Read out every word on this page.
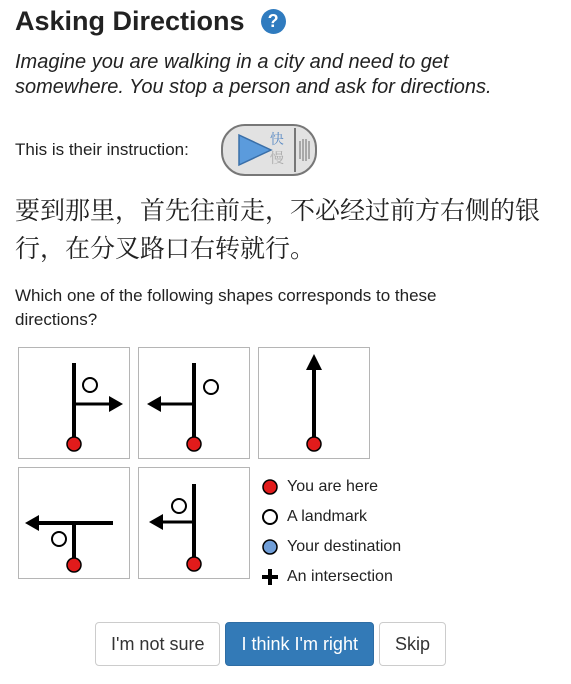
Asking Directions	?
Imagine you are walking in a city and need to get somewhere. You stop a person and ask for directions.
This is their instruction:
快
慢
要到那里，首先往前走，不必经过前方右侧的银行，在分叉路口右转就行。
Which one of the following shapes corresponds to these directions?
You are here
A landmark
Your destination
An intersection
I'm not sure	I think I'm right	Skip
